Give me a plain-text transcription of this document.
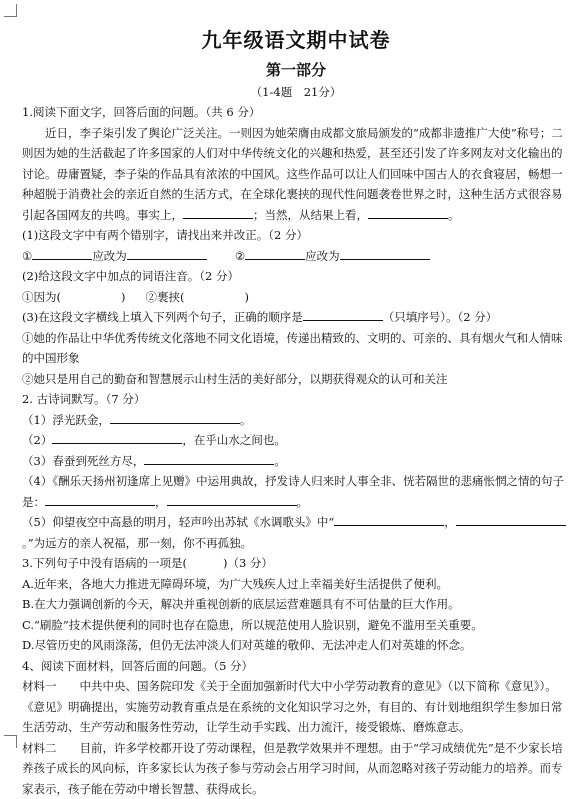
九年级语文期中试卷
第一部分
（1-4题　21分）

1.阅读下面文字，回答后面的问题。（共 6 分）

近日，李子柒引发了舆论广泛关注。一则因为她荣膺由成都文旅局颁发的“成都非遗推广大使”称号；二则因为她的生活截起了许多国家的人们对中华传统文化的兴趣和热爱，甚至还引发了许多网友对文化输出的讨论。毋庸置疑，李子柒的作品具有浓浓的中国风。这些作品可以让人们回味中国古人的衣食寝居，畅想一种超脱于消费社会的亲近自然的生活方式，在全球化裹挟的现代性问题袭卷世界之时，这种生活方式很容易引起各国网友的共鸣。事实上，	；当然，从结果上看，	。

(1)这段文字中有两个错别字，请找出来并改正。（2 分）

①	应改为	②	应改为

(2)给这段文字中加点的词语注音。（2 分）

①因为(	) ②裹挟(	)

(3)在这段文字横线上填入下列两个句子，正确的顺序是	（只填序号）。（2 分）

①她的作品让中华优秀传统文化落地不同文化语境，传递出精致的、文明的、可亲的、具有烟火气和人情味的中国形象

②她只是用自己的勤奋和智慧展示山村生活的美好部分，以期获得观众的认可和关注

2. 古诗词默写。（7 分）

（1）浮光跃金，	。

（2）	，在乎山水之间也。

（3）春蚕到死丝方尽，	。

（4）《酬乐天扬州初逢席上见赠》中运用典故，抒发诗人归来时人事全非、恍若隔世的悲痛怅惘之情的句子是：	，	。

（5）仰望夜空中高悬的明月，轻声吟出苏轼《水调歌头》中“	，。”为远方的亲人祝福，那一刻，你不再孤独。

3.下列句子中没有语病的一项是(	)（3 分）

A.近年来，各地大力推进无障碍环境，为广大残疾人过上幸福美好生活提供了便利。

B.在大力强调创新的今天，解决并重视创新的底层运营难题具有不可估量的巨大作用。

C.“刷脸”技术提供便利的同时也存在隐患，所以规范使用人脸识别，避免不滥用至关重要。

D.尽管历史的风雨涤荡，但仍无法冲淡人们对英雄的敬仰、无法冲走人们对英雄的怀念。

4、阅读下面材料，回答后面的问题。（5 分）

材料一　　中共中央、国务院印发《关于全面加强新时代大中小学劳动教育的意见》（以下简称《意见》）。《意见》明确提出，实施劳动教育重点是在系统的文化知识学习之外，有目的、有计划地组织学生参加日常生活劳动、生产劳动和服务性劳动，让学生动手实践、出力流汗，接受锻炼、磨炼意志。

材料二　　目前，许多学校都开设了劳动课程，但是教学效果并不理想。由于“学习成绩优先”是不少家长培养孩子成长的风向标，许多家长认为孩子参与劳动会占用学习时间，从而忽略对孩子劳动能力的培养。而专家表示，孩子能在劳动中增长智慧、获得成长。
